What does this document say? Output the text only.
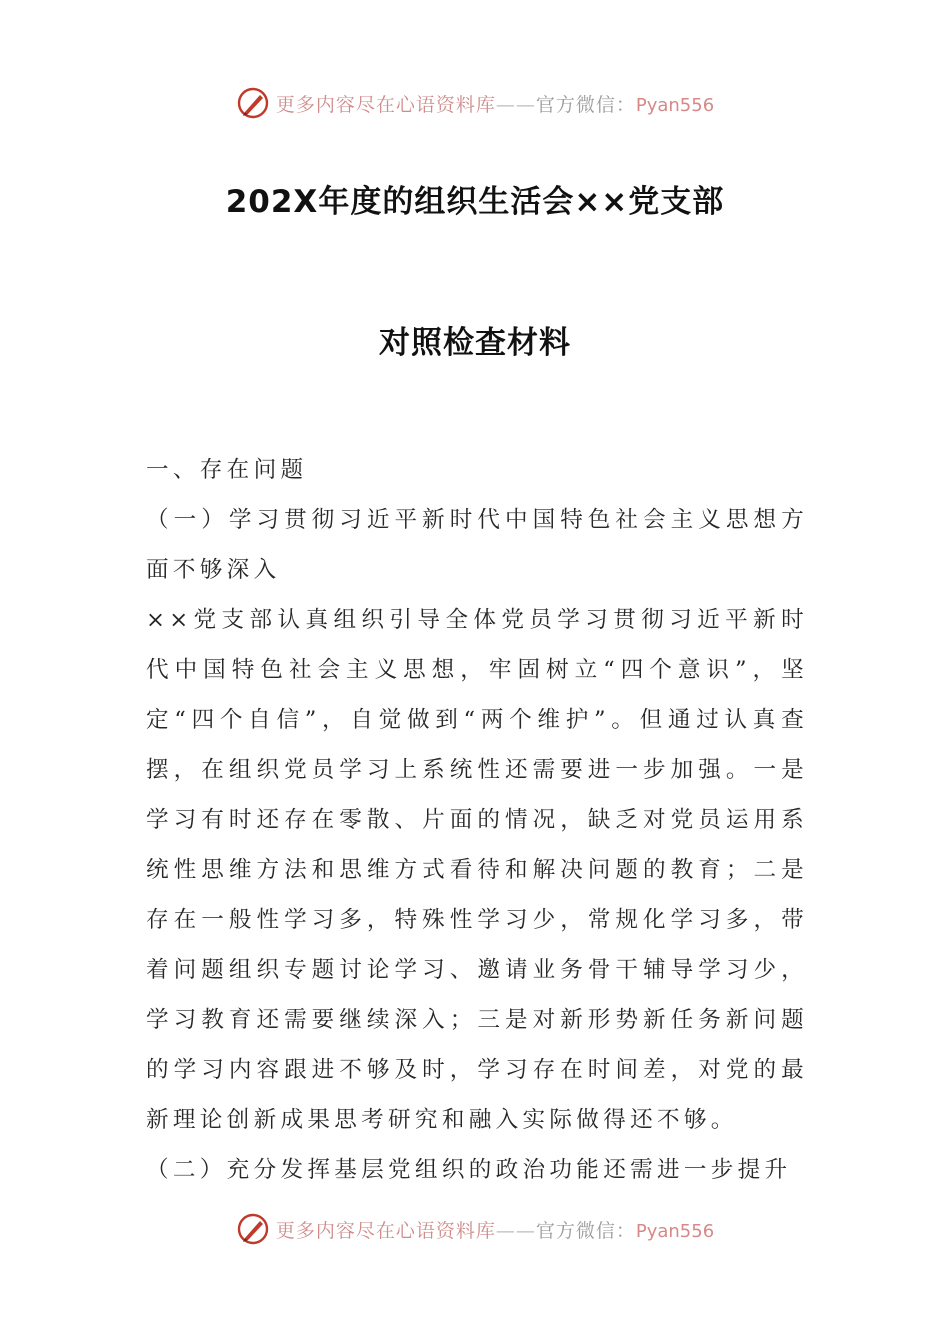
更多内容尽在心语资料库——官方微信：Pyan556
202X年度的组织生活会××党支部
对照检查材料

一、存在问题

（一）学习贯彻习近平新时代中国特色社会主义思想方面不够深入

××党支部认真组织引导全体党员学习贯彻习近平新时代中国特色社会主义思想，牢固树立“四个意识”，坚定“四个自信”，自觉做到“两个维护”。但通过认真查摆，在组织党员学习上系统性还需要进一步加强。一是学习有时还存在零散、片面的情况，缺乏对党员运用系统性思维方法和思维方式看待和解决问题的教育；二是存在一般性学习多，特殊性学习少，常规化学习多，带着问题组织专题讨论学习、邀请业务骨干辅导学习少，学习教育还需要继续深入；三是对新形势新任务新问题的学习内容跟进不够及时，学习存在时间差，对党的最新理论创新成果思考研究和融入实际做得还不够。

（二）充分发挥基层党组织的政治功能还需进一步提升

更多内容尽在心语资料库——官方微信：Pyan556
